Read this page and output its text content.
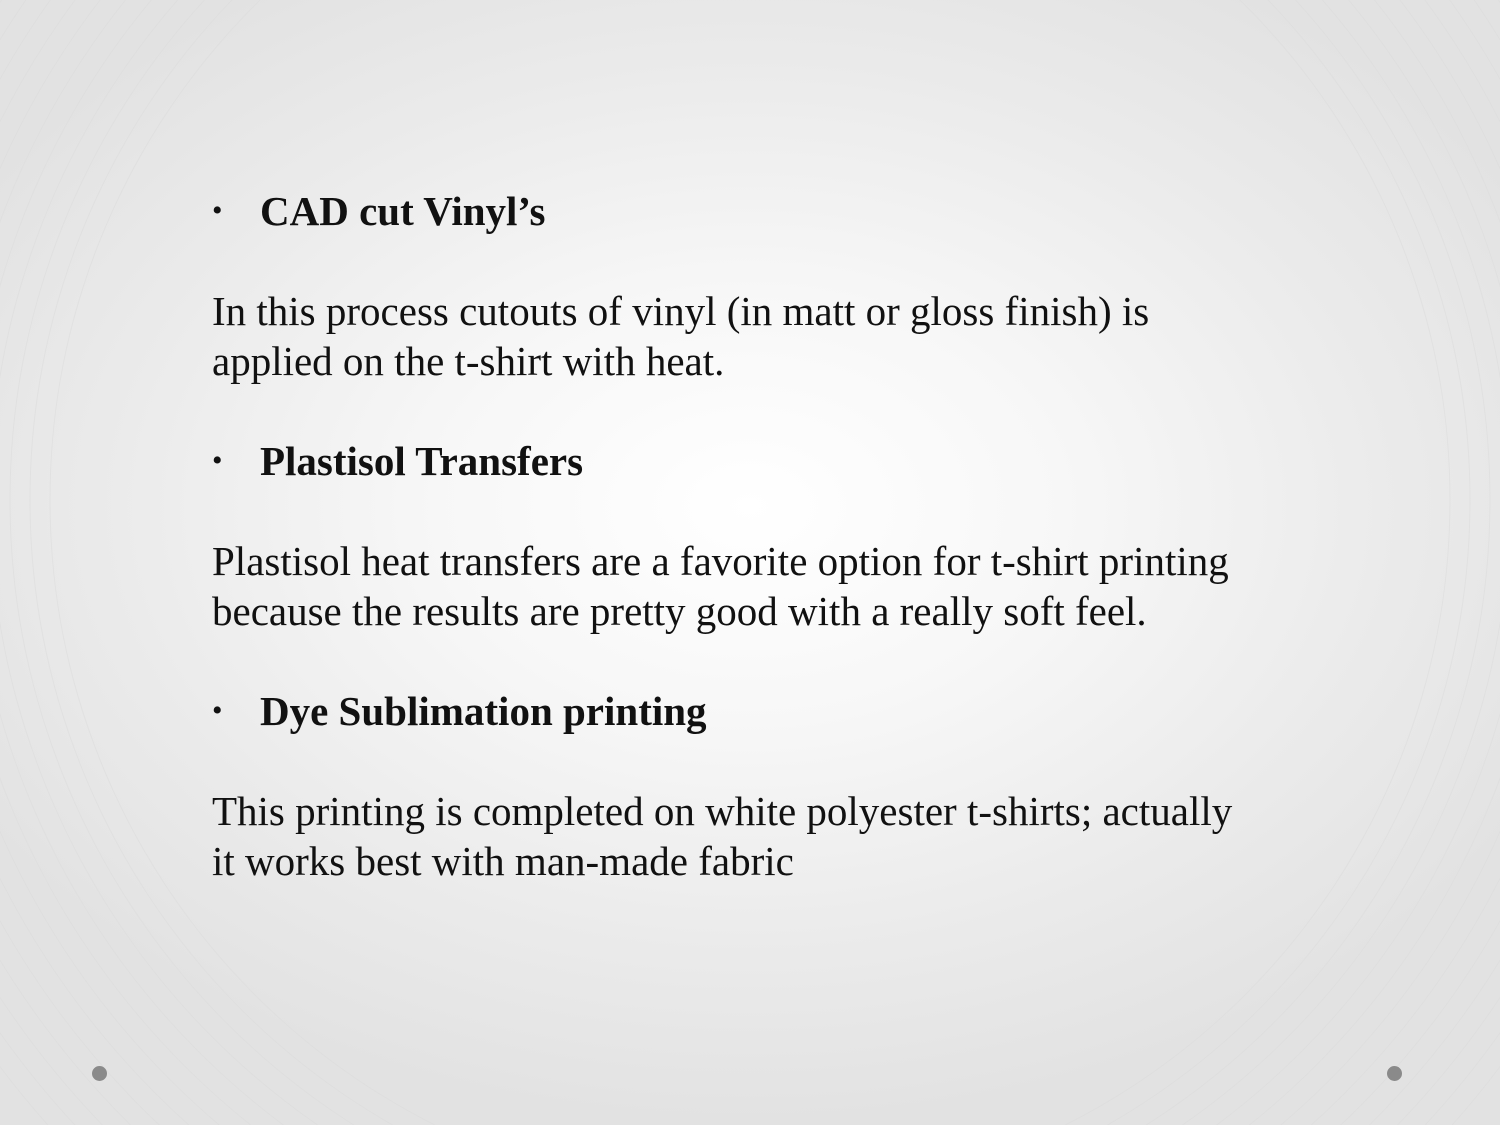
• CAD cut Vinyl’s

In this process cutouts of vinyl (in matt or gloss finish) is applied on the t-shirt with heat.

• Plastisol Transfers

Plastisol heat transfers are a favorite option for t-shirt printing because the results are pretty good with a really soft feel.

• Dye Sublimation printing

This printing is completed on white polyester t-shirts; actually it works best with man-made fabric
